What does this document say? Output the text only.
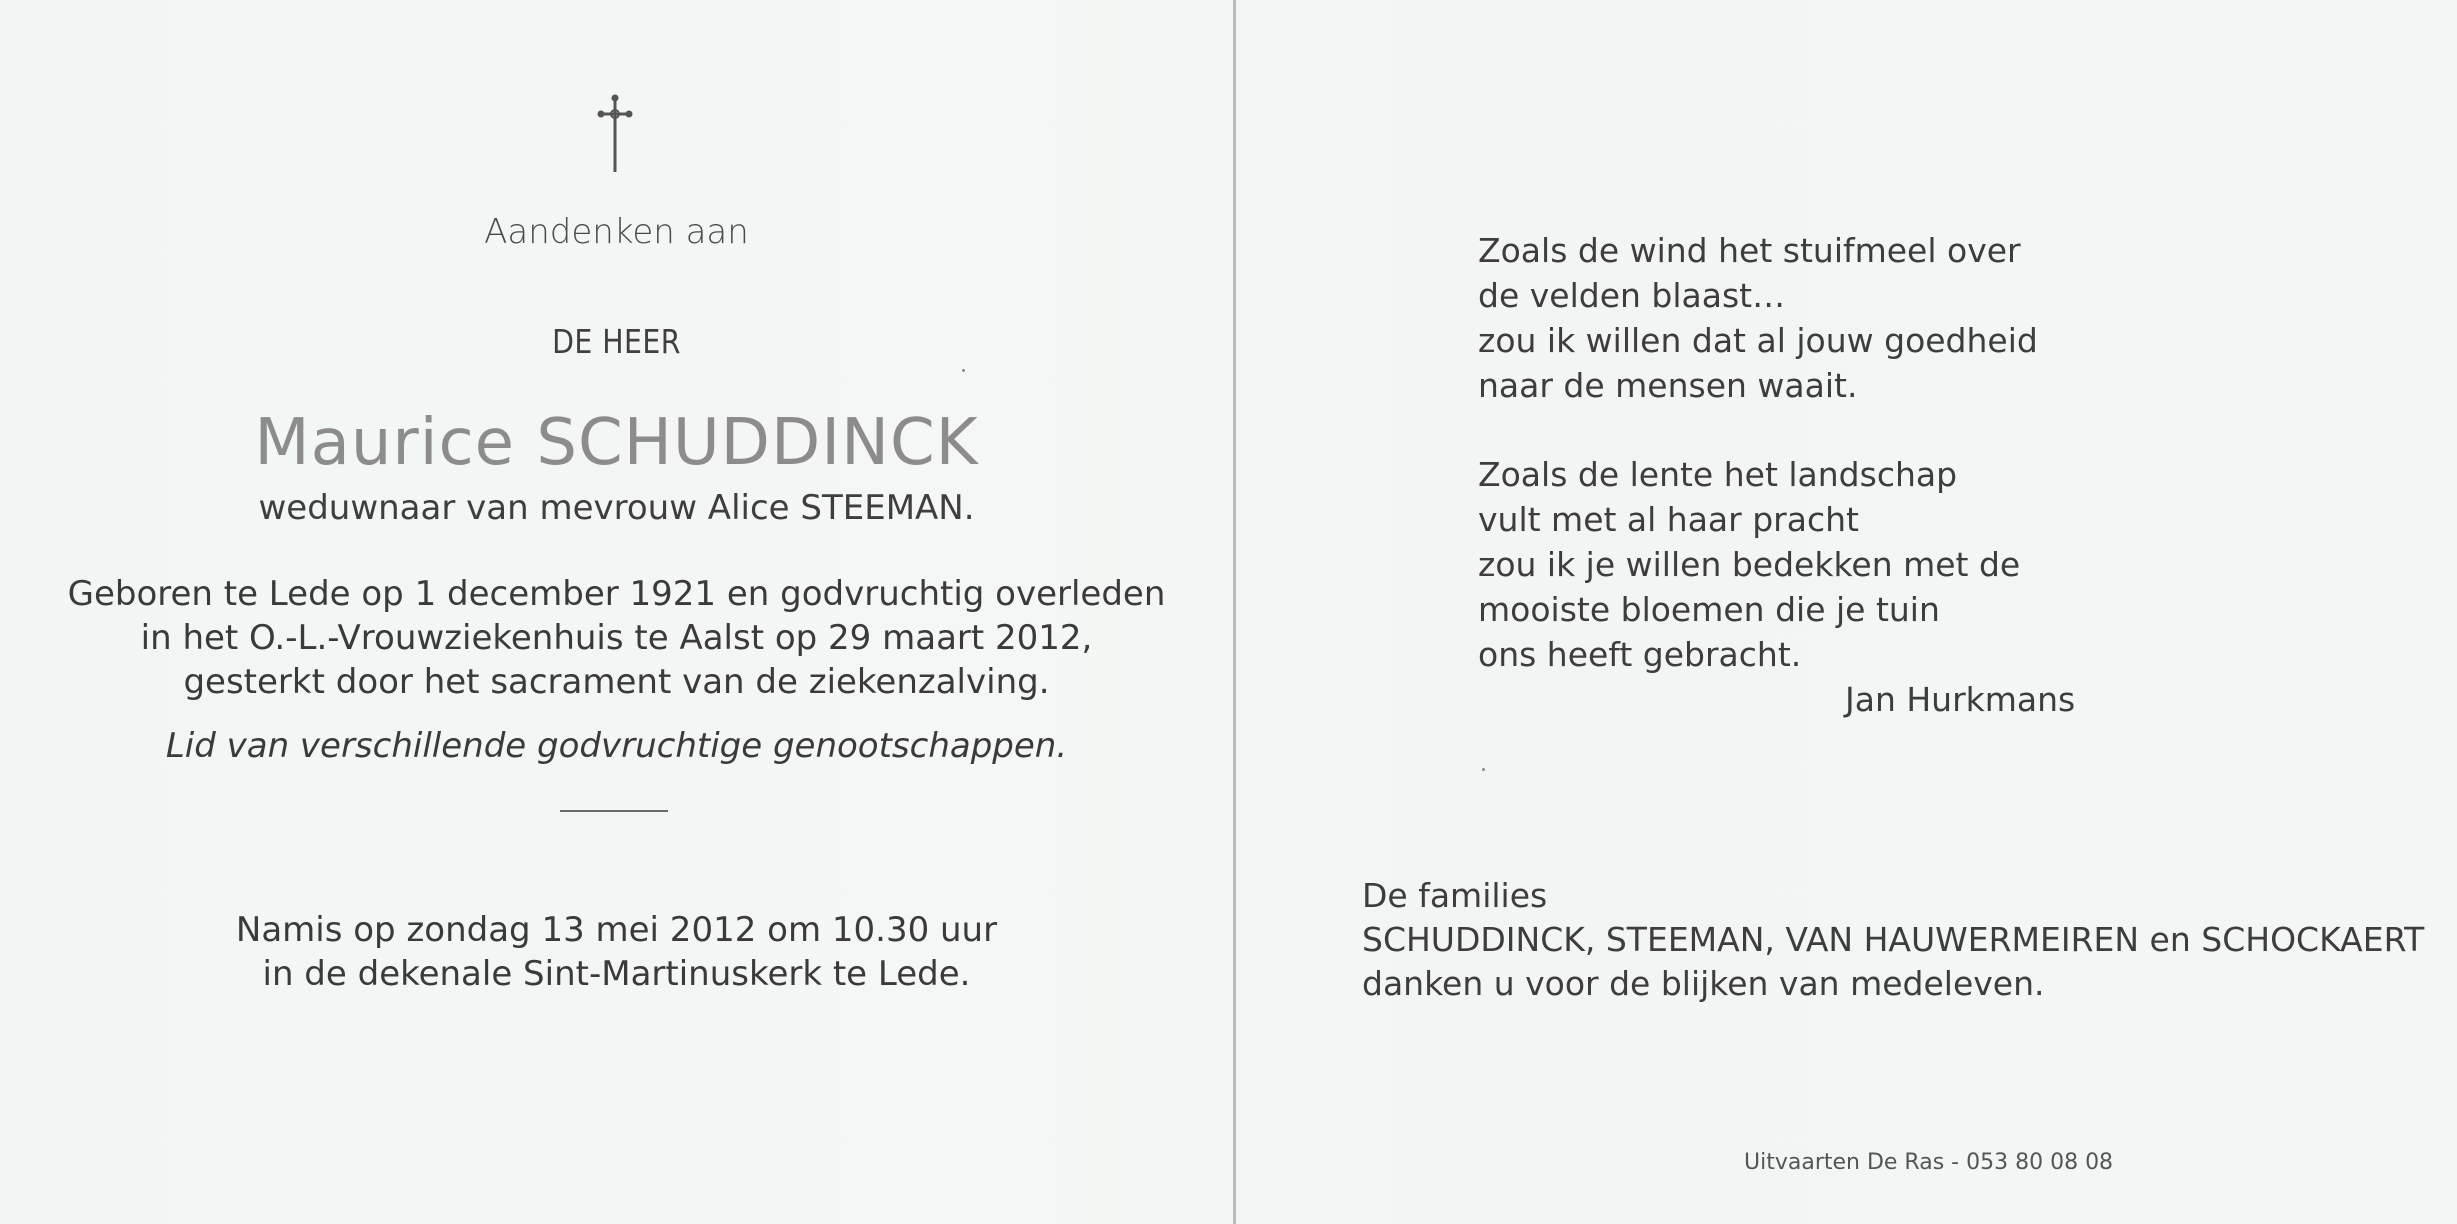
Aandenken aan
DE HEER
Maurice SCHUDDINCK
weduwnaar van mevrouw Alice STEEMAN.
Geboren te Lede op 1 december 1921 en godvruchtig overleden
in het O.-L.-Vrouwziekenhuis te Aalst op 29 maart 2012,
gesterkt door het sacrament van de ziekenzalving.
Lid van verschillende godvruchtige genootschappen.
Namis op zondag 13 mei 2012 om 10.30 uur
in de dekenale Sint-Martinuskerk te Lede.
Zoals de wind het stuifmeel over
de velden blaast…
zou ik willen dat al jouw goedheid
naar de mensen waait.
Zoals de lente het landschap
vult met al haar pracht
zou ik je willen bedekken met de
mooiste bloemen die je tuin
ons heeft gebracht.
Jan Hurkmans
De families
SCHUDDINCK, STEEMAN, VAN HAUWERMEIREN en SCHOCKAERT
danken u voor de blijken van medeleven.
Uitvaarten De Ras - 053 80 08 08
